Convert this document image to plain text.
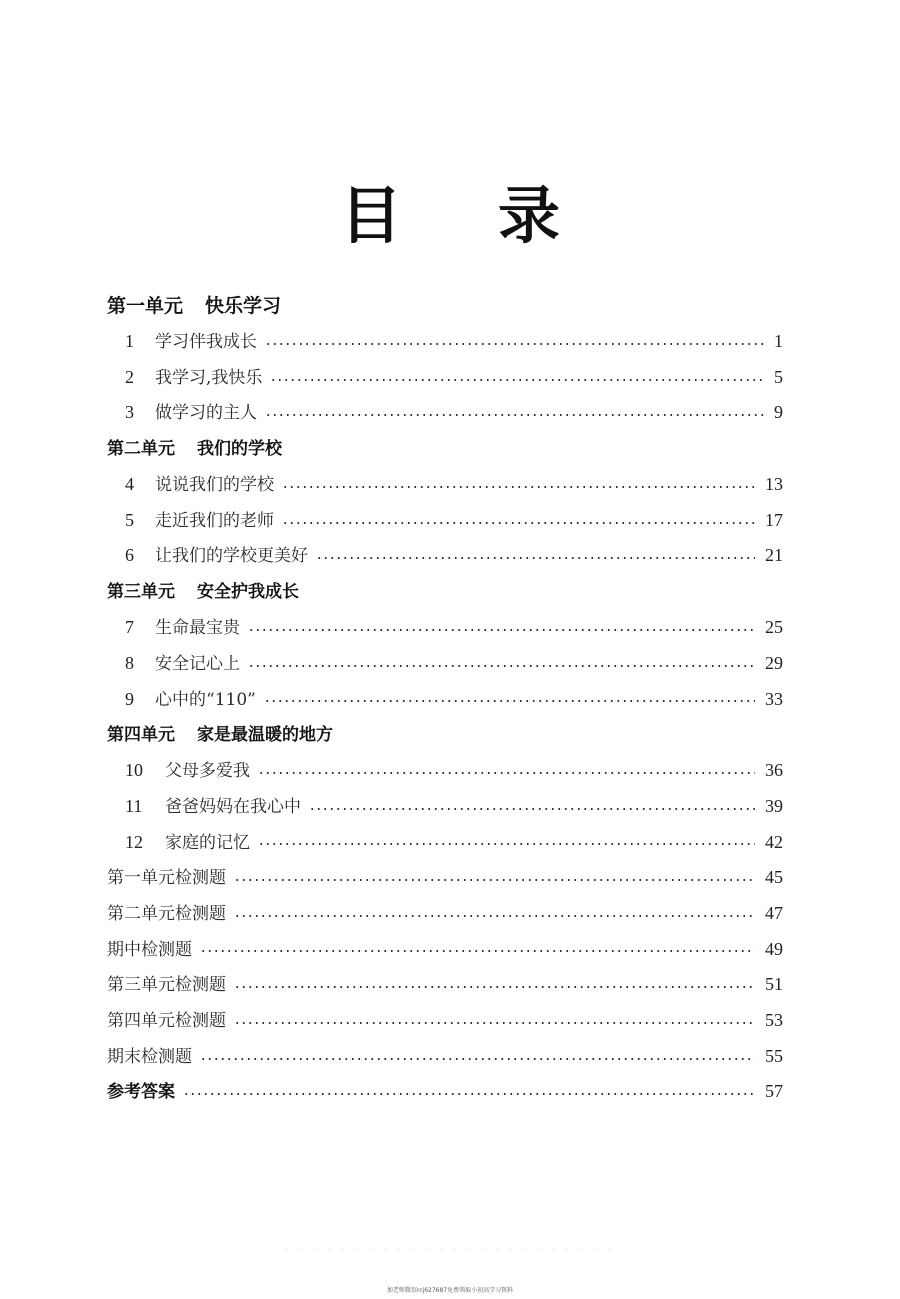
目 录
第一单元 快乐学习
1	学习伴我成长	1
2	我学习,我快乐	5
3	做学习的主人	9
第二单元 我们的学校
4	说说我们的学校	13
5	走近我们的老师	17
6	让我们的学校更美好	21
第三单元 安全护我成长
7	生命最宝贵	25
8	安全记心上	29
9	心中的“110”	33
第四单元 家是最温暖的地方
10	父母多爱我	36
11	爸爸妈妈在我心中	39
12	家庭的记忆	42
第一单元检测题	45
第二单元检测题	47
期中检测题	49
第三单元检测题	51
第四单元检测题	53
期末检测题	55
参考答案	57
加老师微信rcj627687免费领取小初高学习资料
